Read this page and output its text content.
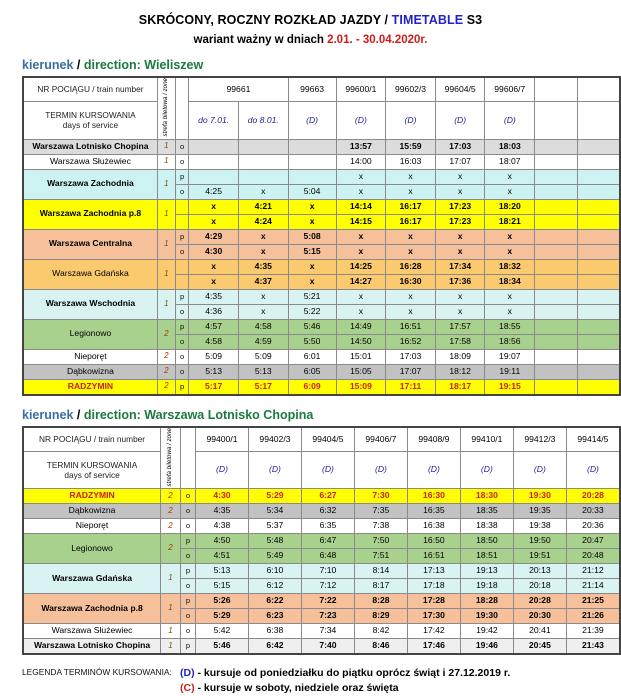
SKRÓCONY, ROCZNY ROZKŁAD JAZDY / TIMETABLE S3
wariant ważny w dniach 2.01. - 30.04.2020r.
kierunek / direction: Wieliszew
NR POCIĄGU / train number	strefa biletowa / zone		99661		99663	99600/1	99602/3	99604/5	99606/7		

TERMIN KURSOWANIA
days of service			do 7.01.	do 8.01.	(D)	(D)	(D)	(D)	(D)		
Warszawa Lotnisko Chopina	1	o				13:57	15:59	17:03	18:03		
Warszawa Służewiec	1	o				14:00	16:03	17:07	18:07		
Warszawa Zachodnia	1	p				x	x	x	x		
		o	4:25	x	5:04	x	x	x	x		
Warszawa Zachodnia p.8	1		x	4:21	x	14:14	16:17	17:23	18:20		
			x	4:24	x	14:15	16:17	17:23	18:21		
Warszawa Centralna	1	p	4:29	x	5:08	x	x	x	x		
		o	4:30	x	5:15	x	x	x	x		
Warszawa Gdańska	1		x	4:35	x	14:25	16:28	17:34	18:32		
			x	4:37	x	14:27	16:30	17:36	18:34		
Warszawa Wschodnia	1	p	4:35	x	5:21	x	x	x	x		
		o	4:36	x	5:22	x	x	x	x		
Legionowo	2	p	4:57	4:58	5:46	14:49	16:51	17:57	18:55		
		o	4:58	4:59	5:50	14:50	16:52	17:58	18:56		
Nieporęt	2	o	5:09	5:09	6:01	15:01	17:03	18:09	19:07		
Dąbkowizna	2	o	5:13	5:13	6:05	15:05	17:07	18:12	19:11		
RADZYMIN	2	p	5:17	5:17	6:09	15:09	17:11	18:17	19:15		
kierunek / direction: Warszawa Lotnisko Chopina
NR POCIĄGU / train number	strefa biletowa / zone		99400/1	99402/3	99404/5	99406/7	99408/9	99410/1	99412/3	99414/5

TERMIN KURSOWANIA
days of service			(D)	(D)	(D)	(D)	(D)	(D)	(D)	(D)
RADZYMIN	2	o	4:30	5:29	6:27	7:30	16:30	18:30	19:30	20:28
Dąbkowizna	2	o	4:35	5:34	6:32	7:35	16:35	18:35	19:35	20:33
Nieporęt	2	o	4:38	5:37	6:35	7:38	16:38	18:38	19:38	20:36
Legionowo	2	p	4:50	5:48	6:47	7:50	16:50	18:50	19:50	20:47
		o	4:51	5:49	6:48	7:51	16:51	18:51	19:51	20:48
Warszawa Gdańska	1	p	5:13	6:10	7:10	8:14	17:13	19:13	20:13	21:12
		o	5:15	6:12	7:12	8:17	17:18	19:18	20:18	21:14
Warszawa Zachodnia p.8	1	p	5:26	6:22	7:22	8:28	17:28	18:28	20:28	21:25
		o	5:29	6:23	7:23	8:29	17:30	19:30	20:30	21:26
Warszawa Służewiec	1	o	5:42	6:38	7:34	8:42	17:42	19:42	20:41	21:39
Warszawa Lotnisko Chopina	1	p	5:46	6:42	7:40	8:46	17:46	19:46	20:45	21:43
LEGENDA TERMINÓW KURSOWANIA: (D) - kursuje od poniedziałku do piątku oprócz świąt i 27.12.2019 r.
(C) - kursuje w soboty, niedziele oraz święta
